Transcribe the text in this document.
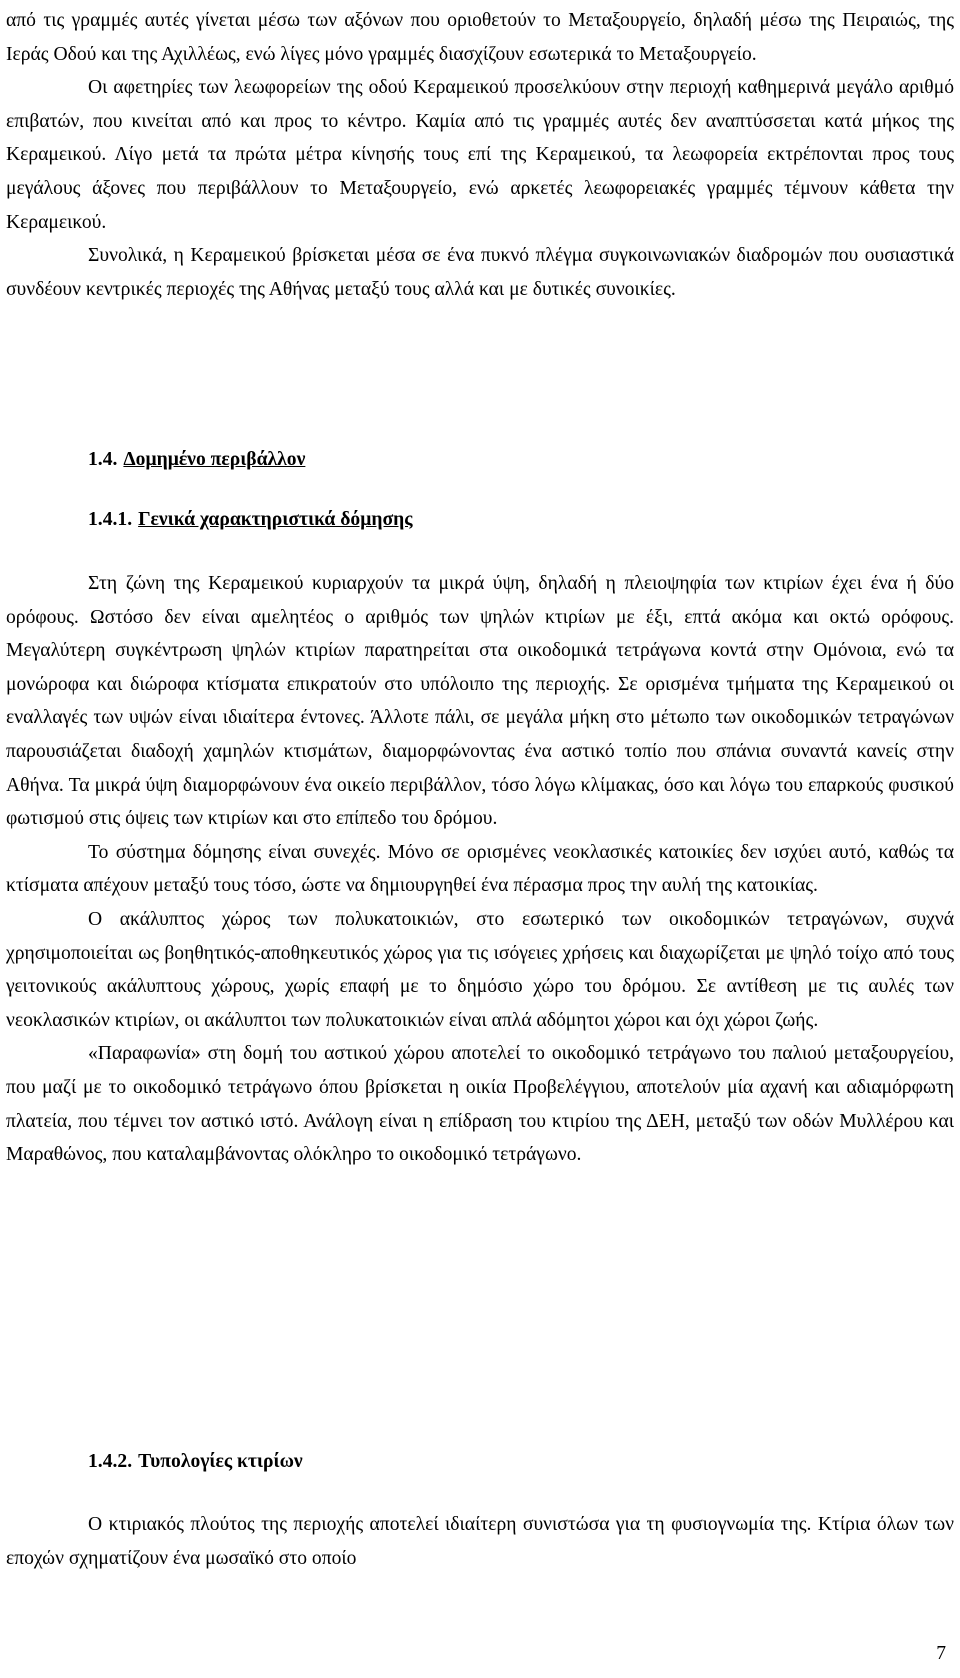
από τις γραμμές αυτές γίνεται μέσω των αξόνων που οριοθετούν το Μεταξουργείο, δηλαδή μέσω της Πειραιώς, της Ιεράς Οδού και της Αχιλλέως, ενώ λίγες μόνο γραμμές διασχίζουν εσωτερικά το Μεταξουργείο.

Οι αφετηρίες των λεωφορείων της οδού Κεραμεικού προσελκύουν στην περιοχή καθημερινά μεγάλο αριθμό επιβατών, που κινείται από και προς το κέντρο. Καμία από τις γραμμές αυτές δεν αναπτύσσεται κατά μήκος της Κεραμεικού. Λίγο μετά τα πρώτα μέτρα κίνησής τους επί της Κεραμεικού, τα λεωφορεία εκτρέπονται προς τους μεγάλους άξονες που περιβάλλουν το Μεταξουργείο, ενώ αρκετές λεωφορειακές γραμμές τέμνουν κάθετα την Κεραμεικού.

Συνολικά, η Κεραμεικού βρίσκεται μέσα σε ένα πυκνό πλέγμα συγκοινωνιακών διαδρομών που ουσιαστικά συνδέουν κεντρικές περιοχές της Αθήνας μεταξύ τους αλλά και με δυτικές συνοικίες.

1.4. Δομημένο περιβάλλον
1.4.1. Γενικά χαρακτηριστικά δόμησης

Στη ζώνη της Κεραμεικού κυριαρχούν τα μικρά ύψη, δηλαδή η πλειοψηφία των κτιρίων έχει ένα ή δύο ορόφους. Ωστόσο δεν είναι αμελητέος ο αριθμός των ψηλών κτιρίων με έξι, επτά ακόμα και οκτώ ορόφους. Μεγαλύτερη συγκέντρωση ψηλών κτιρίων παρατηρείται στα οικοδομικά τετράγωνα κοντά στην Ομόνοια, ενώ τα μονώροφα και διώροφα κτίσματα επικρατούν στο υπόλοιπο της περιοχής. Σε ορισμένα τμήματα της Κεραμεικού οι εναλλαγές των υψών είναι ιδιαίτερα έντονες. Άλλοτε πάλι, σε μεγάλα μήκη στο μέτωπο των οικοδομικών τετραγώνων παρουσιάζεται διαδοχή χαμηλών κτισμάτων, διαμορφώνοντας ένα αστικό τοπίο που σπάνια συναντά κανείς στην Αθήνα. Τα μικρά ύψη διαμορφώνουν ένα οικείο περιβάλλον, τόσο λόγω κλίμακας, όσο και λόγω του επαρκούς φυσικού φωτισμού στις όψεις των κτιρίων και στο επίπεδο του δρόμου.

Το σύστημα δόμησης είναι συνεχές. Μόνο σε ορισμένες νεοκλασικές κατοικίες δεν ισχύει αυτό, καθώς τα κτίσματα απέχουν μεταξύ τους τόσο, ώστε να δημιουργηθεί ένα πέρασμα προς την αυλή της κατοικίας.

Ο ακάλυπτος χώρος των πολυκατοικιών, στο εσωτερικό των οικοδομικών τετραγώνων, συχνά χρησιμοποιείται ως βοηθητικός-αποθηκευτικός χώρος για τις ισόγειες χρήσεις και διαχωρίζεται με ψηλό τοίχο από τους γειτονικούς ακάλυπτους χώρους, χωρίς επαφή με το δημόσιο χώρο του δρόμου. Σε αντίθεση με τις αυλές των νεοκλασικών κτιρίων, οι ακάλυπτοι των πολυκατοικιών είναι απλά αδόμητοι χώροι και όχι χώροι ζωής.

«Παραφωνία» στη δομή του αστικού χώρου αποτελεί το οικοδομικό τετράγωνο του παλιού μεταξουργείου, που μαζί με το οικοδομικό τετράγωνο όπου βρίσκεται η οικία Προβελέγγιου, αποτελούν μία αχανή και αδιαμόρφωτη πλατεία, που τέμνει τον αστικό ιστό. Ανάλογη είναι η επίδραση του κτιρίου της ΔΕΗ, μεταξύ των οδών Μυλλέρου και Μαραθώνος, που καταλαμβάνοντας ολόκληρο το οικοδομικό τετράγωνο.

1.4.2. Τυπολογίες κτιρίων

Ο κτιριακός πλούτος της περιοχής αποτελεί ιδιαίτερη συνιστώσα για τη φυσιογνωμία της. Κτίρια όλων των εποχών σχηματίζουν ένα μωσαϊκό στο οποίο

7
